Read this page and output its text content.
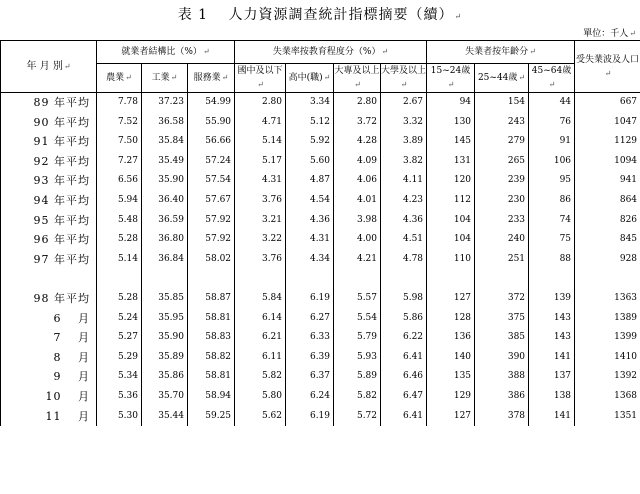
表 1 　人力資源調查統計指標摘要（續）↵
單位：千人↵
年 月 別↵	就業者結構比（%）↵			失業率按教育程度分（%）↵				失業者按年齡分↵			受失業波及人口↵
	農業↵	工業↵	服務業↵	國中及以下↵	高中(職)↵	大專及以上↵	大學及以上↵	15~24歲↵	25~44歲↵	45~64歲↵	

89 年平均	7.78	37.23	54.99	2.80	3.34	2.80	2.67	94	154	44	667
90 年平均	7.52	36.58	55.90	4.71	5.12	3.72	3.32	130	243	76	1047
91 年平均	7.50	35.84	56.66	5.14	5.92	4.28	3.89	145	279	91	1129
92 年平均	7.27	35.49	57.24	5.17	5.60	4.09	3.82	131	265	106	1094
93 年平均	6.56	35.90	57.54	4.31	4.87	4.06	4.11	120	239	95	941
94 年平均	5.94	36.40	57.67	3.76	4.54	4.01	4.23	112	230	86	864
95 年平均	5.48	36.59	57.92	3.21	4.36	3.98	4.36	104	233	74	826
96 年平均	5.28	36.80	57.92	3.22	4.31	4.00	4.51	104	240	75	845
97 年平均	5.14	36.84	58.02	3.76	4.34	4.21	4.78	110	251	88	928

98 年平均	5.28	35.85	58.87	5.84	6.19	5.57	5.98	127	372	139	1363
6 　月	5.24	35.95	58.81	6.14	6.27	5.54	5.86	128	375	143	1389
7 　月	5.27	35.90	58.83	6.21	6.33	5.79	6.22	136	385	143	1399
8 　月	5.29	35.89	58.82	6.11	6.39	5.93	6.41	140	390	141	1410
9 　月	5.34	35.86	58.81	5.82	6.37	5.89	6.46	135	388	137	1392
10 　月	5.36	35.70	58.94	5.80	6.24	5.82	6.47	129	386	138	1368
11 　月	5.30	35.44	59.25	5.62	6.19	5.72	6.41	127	378	141	1351
